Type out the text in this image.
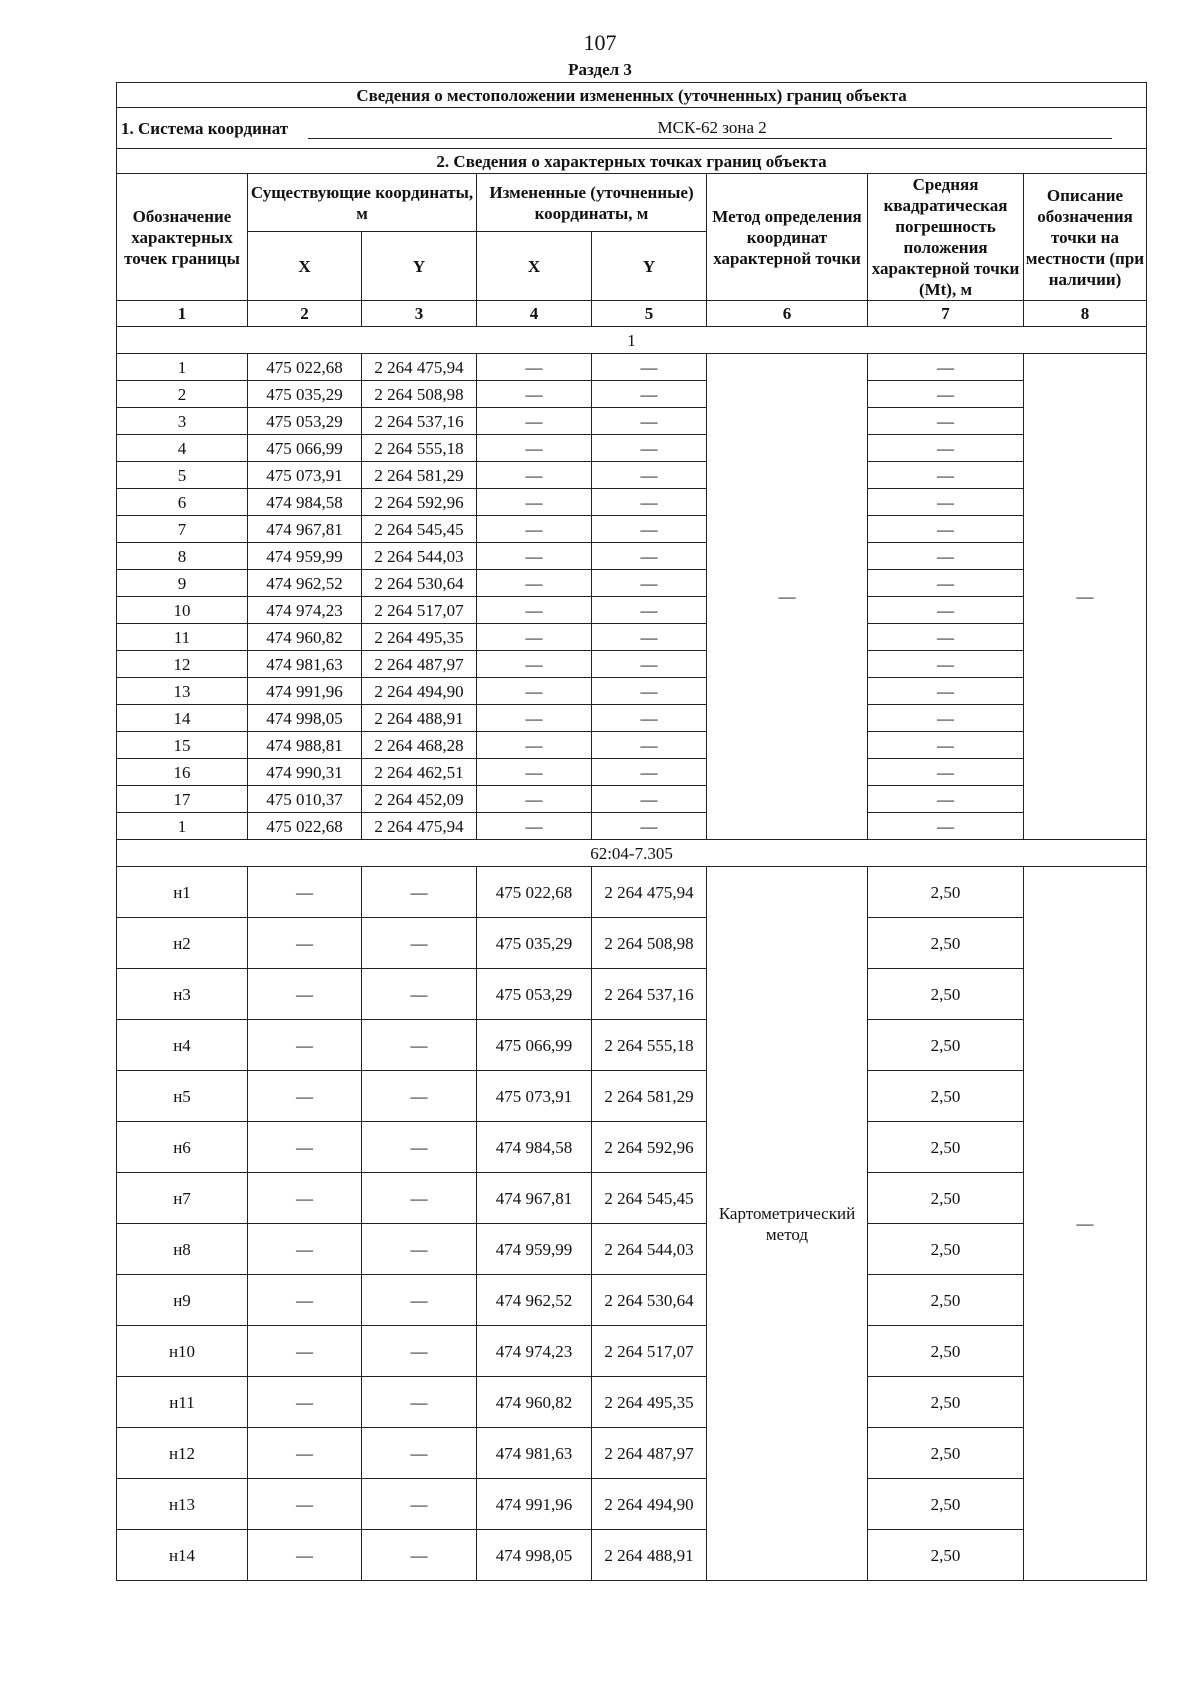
107
Раздел 3
Сведения о местоположении измененных (уточненных) границ объекта							

1. Система координат МСК-62 зона 2							

2. Сведения о характерных точках границ объекта							
Обозначение характерных точек границы	Существующие координаты, м		Измененные (уточненные) координаты, м		Метод определения координат характерной точки	Средняя квадратическая погрешность положения характерной точки (Mt), м	Описание обозначения точки на местности (при наличии)
	X	Y	X	Y			
1	2	3	4	5	6	7	8
1							
1	475 022,68	2 264 475,94	—	—	—	—	—
2	475 035,29	2 264 508,98	—	—		—	
3	475 053,29	2 264 537,16	—	—		—	
4	475 066,99	2 264 555,18	—	—		—	
5	475 073,91	2 264 581,29	—	—		—	
6	474 984,58	2 264 592,96	—	—		—	
7	474 967,81	2 264 545,45	—	—		—	
8	474 959,99	2 264 544,03	—	—		—	
9	474 962,52	2 264 530,64	—	—		—	
10	474 974,23	2 264 517,07	—	—		—	
11	474 960,82	2 264 495,35	—	—		—	
12	474 981,63	2 264 487,97	—	—		—	
13	474 991,96	2 264 494,90	—	—		—	
14	474 998,05	2 264 488,91	—	—		—	
15	474 988,81	2 264 468,28	—	—		—	
16	474 990,31	2 264 462,51	—	—		—	
17	475 010,37	2 264 452,09	—	—		—	
1	475 022,68	2 264 475,94	—	—		—	
62:04-7.305							
н1	—	—	475 022,68	2 264 475,94	Картометрический метод	2,50	—
н2	—	—	475 035,29	2 264 508,98		2,50	
н3	—	—	475 053,29	2 264 537,16		2,50	
н4	—	—	475 066,99	2 264 555,18		2,50	
н5	—	—	475 073,91	2 264 581,29		2,50	
н6	—	—	474 984,58	2 264 592,96		2,50	
н7	—	—	474 967,81	2 264 545,45		2,50	
н8	—	—	474 959,99	2 264 544,03		2,50	
н9	—	—	474 962,52	2 264 530,64		2,50	
н10	—	—	474 974,23	2 264 517,07		2,50	
н11	—	—	474 960,82	2 264 495,35		2,50	
н12	—	—	474 981,63	2 264 487,97		2,50	
н13	—	—	474 991,96	2 264 494,90		2,50	
н14	—	—	474 998,05	2 264 488,91		2,50	
